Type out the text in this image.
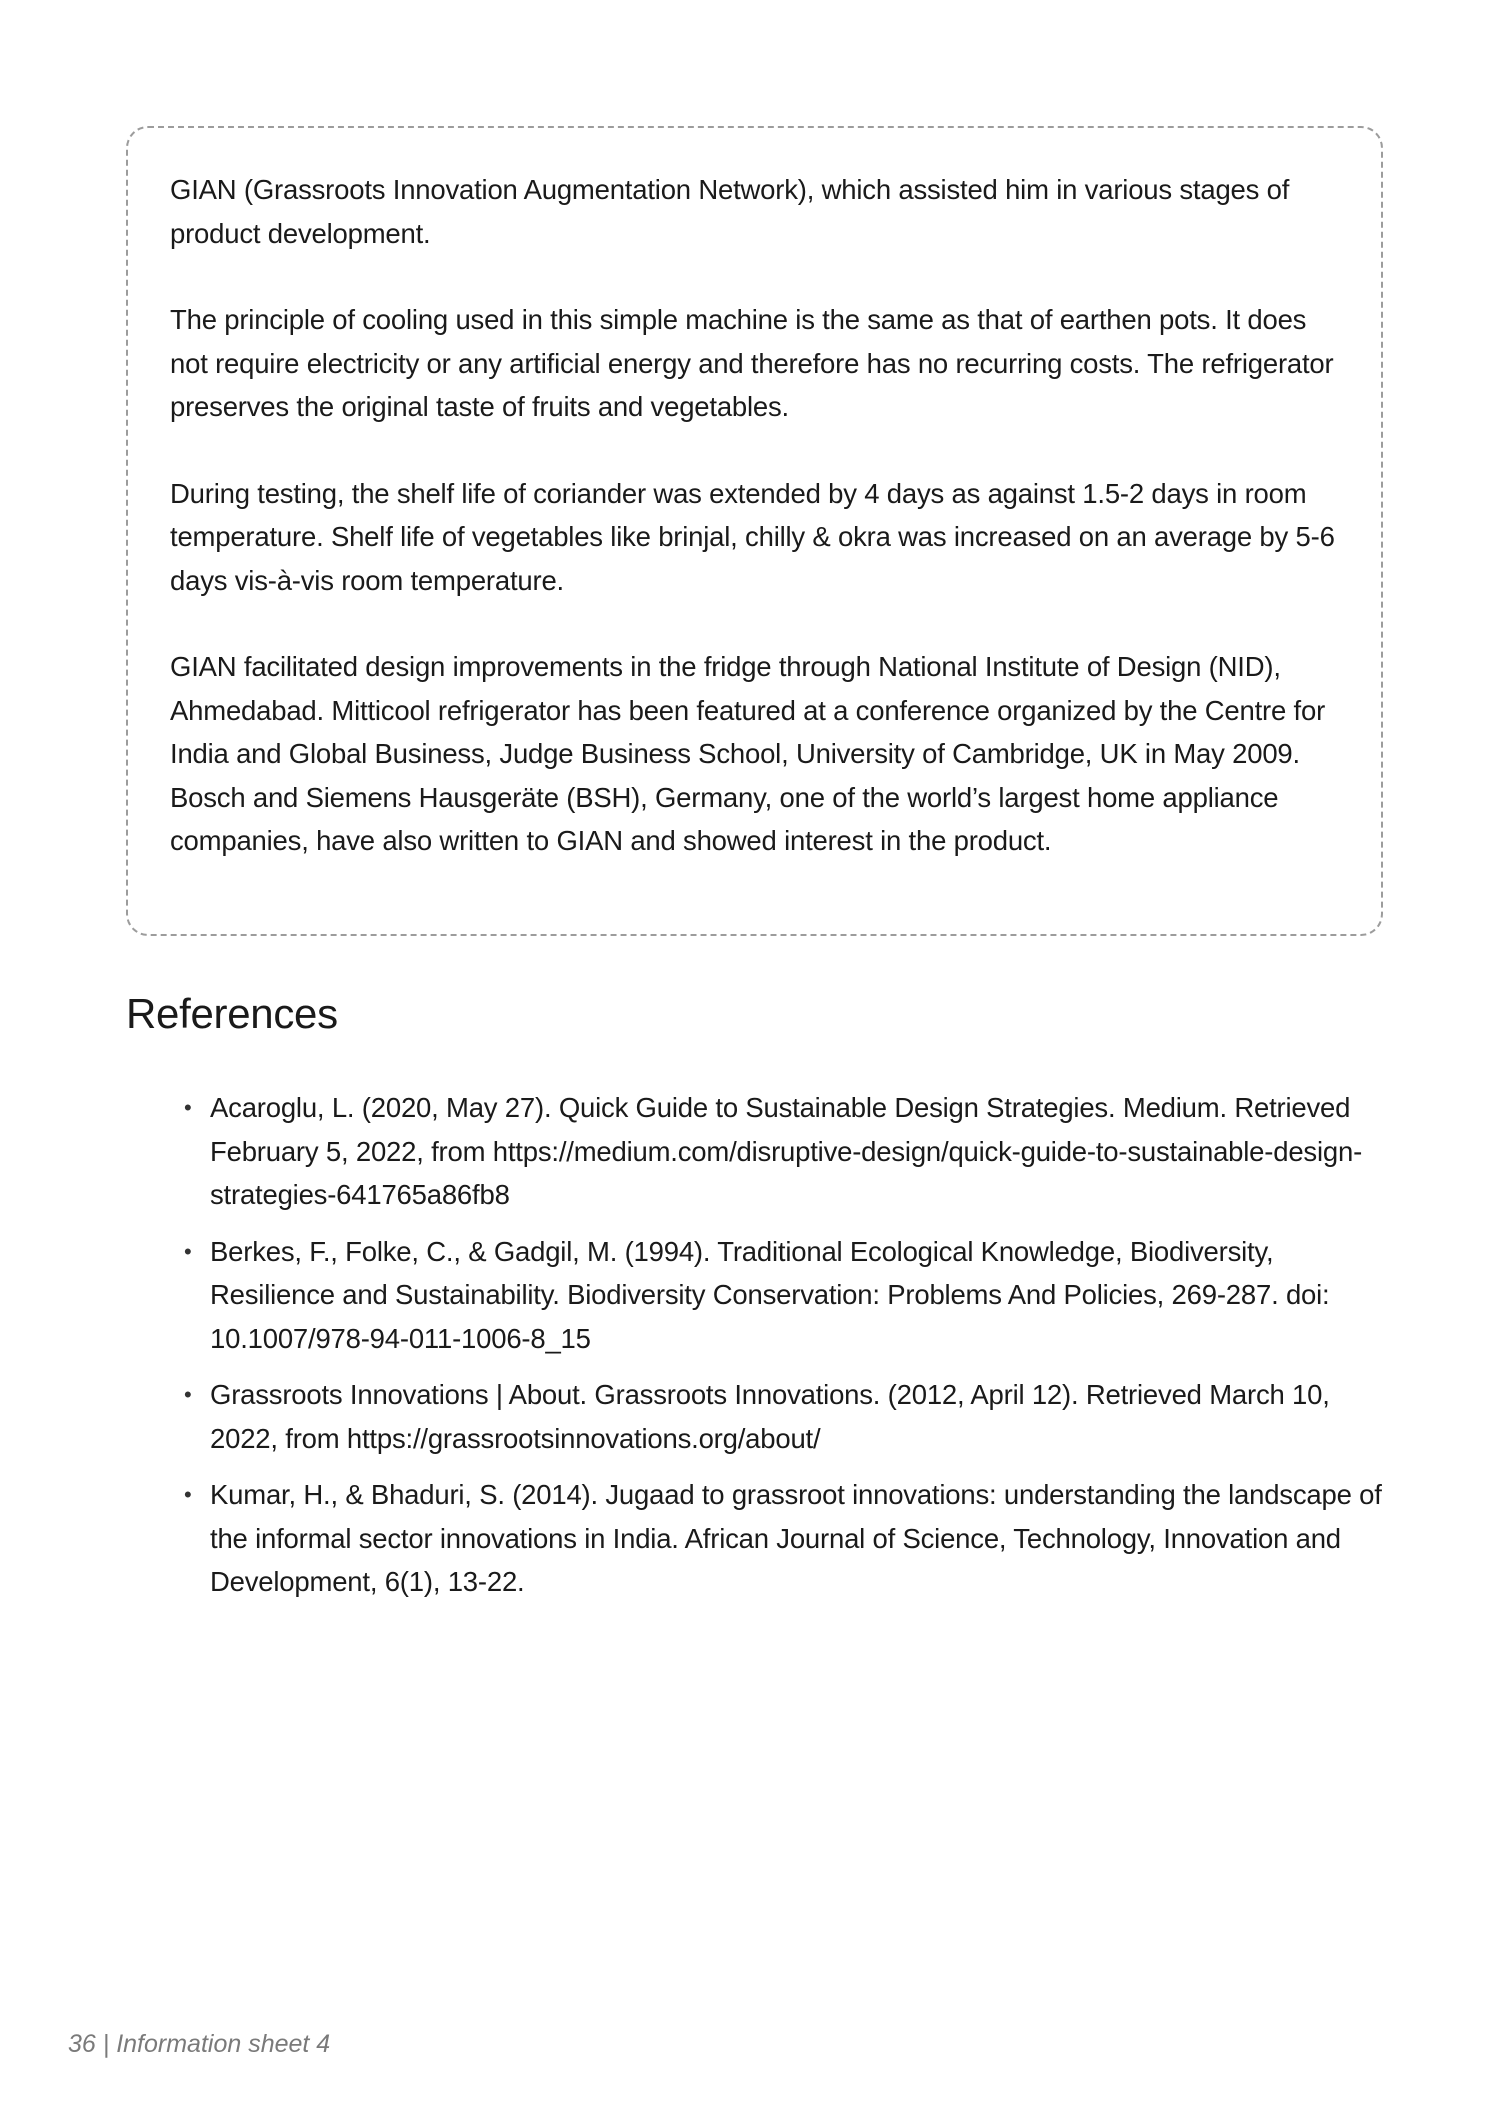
GIAN (Grassroots Innovation Augmentation Network), which assisted him in various stages of product development.

The principle of cooling used in this simple machine is the same as that of earthen pots. It does not require electricity or any artificial energy and therefore has no recurring costs. The refrigerator preserves the original taste of fruits and vegetables.

During testing, the shelf life of coriander was extended by 4 days as against 1.5-2 days in room temperature. Shelf life of vegetables like brinjal, chilly & okra was increased on an average by 5-6 days vis-à-vis room temperature.

GIAN facilitated design improvements in the fridge through National Institute of Design (NID), Ahmedabad. Mitticool refrigerator has been featured at a conference organized by the Centre for India and Global Business, Judge Business School, University of Cambridge, UK in May 2009. Bosch and Siemens Hausgeräte (BSH), Germany, one of the world’s largest home appliance companies, have also written to GIAN and showed interest in the product.

References
• Acaroglu, L. (2020, May 27). Quick Guide to Sustainable Design Strategies. Medium. Retrieved February 5, 2022, from https://medium.com/disruptive-design/quick-guide-to-sustainable-design-strategies-641765a86fb8
• Berkes, F., Folke, C., & Gadgil, M. (1994). Traditional Ecological Knowledge, Biodiversity, Resilience and Sustainability. Biodiversity Conservation: Problems And Policies, 269-287. doi: 10.1007/978-94-011-1006-8_15
• Grassroots Innovations | About. Grassroots Innovations. (2012, April 12). Retrieved March 10, 2022, from https://grassrootsinnovations.org/about/
• Kumar, H., & Bhaduri, S. (2014). Jugaad to grassroot innovations: understanding the landscape of the informal sector innovations in India. African Journal of Science, Technology, Innovation and Development, 6(1), 13-22.
36 | Information sheet 4
